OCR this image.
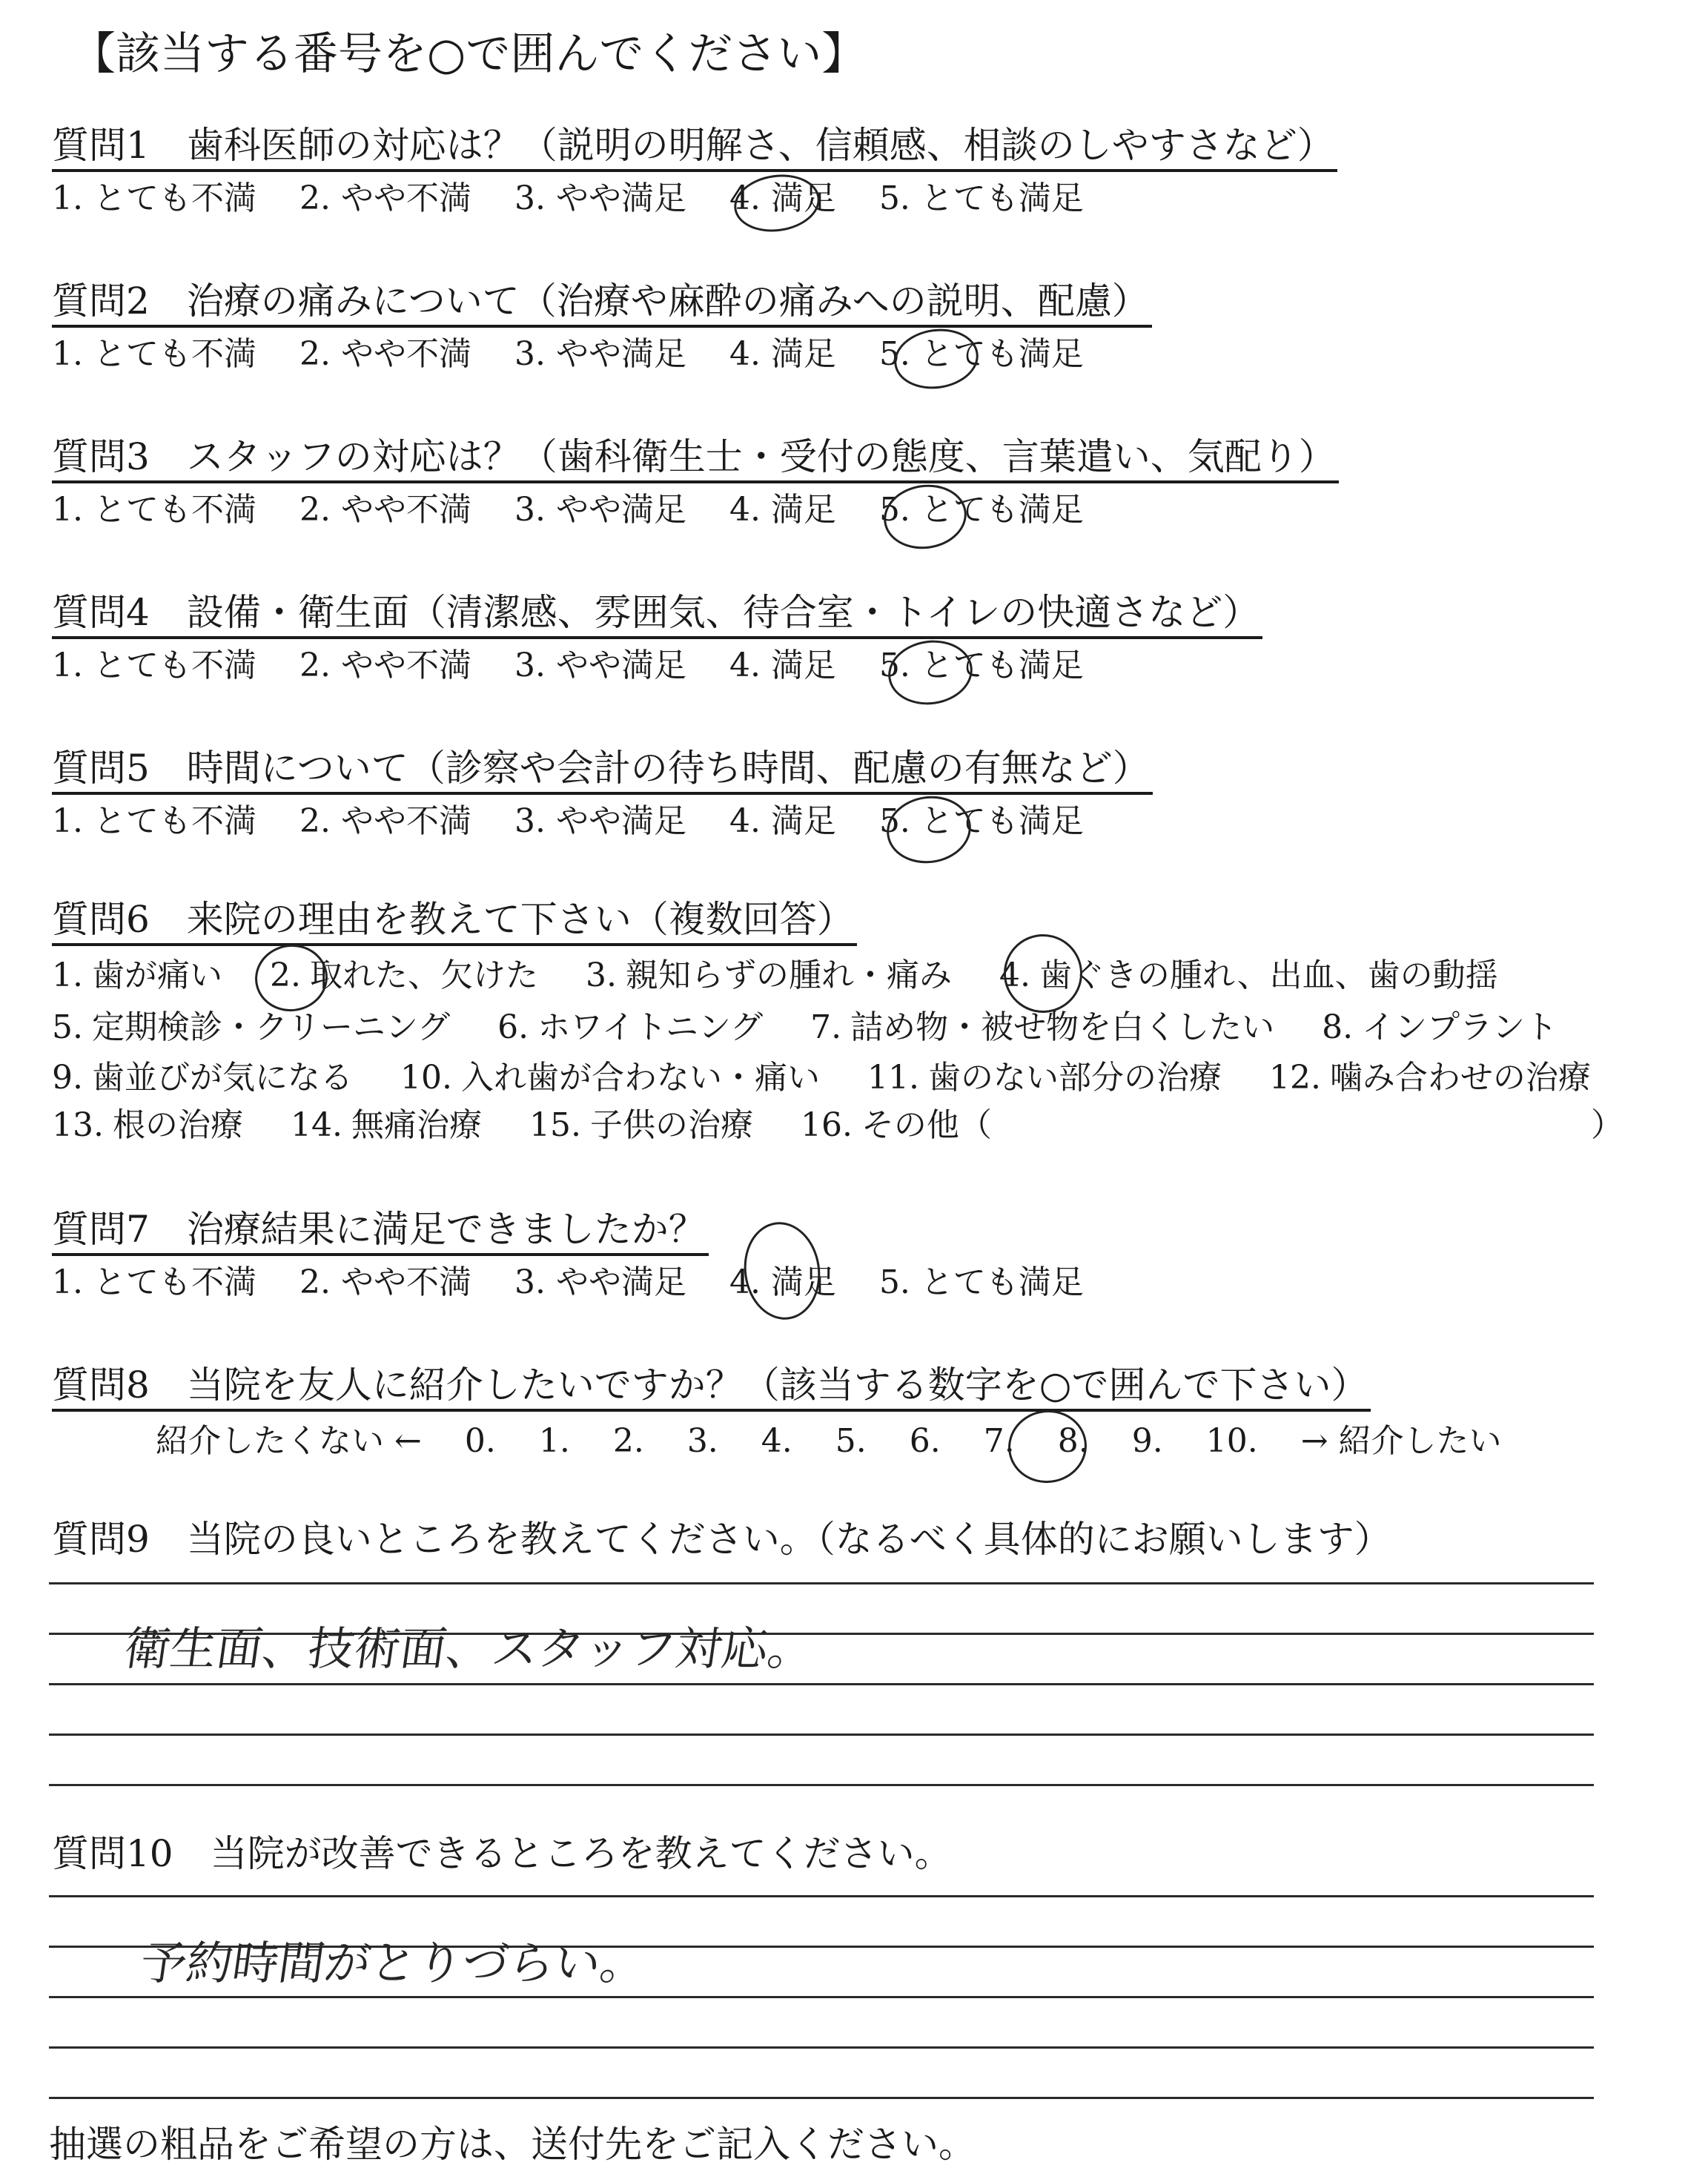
【該当する番号を○で囲んでください】
質問1　歯科医師の対応は？（説明の明解さ、信頼感、相談のしやすさなど）
1. とても不満 2. やや不満 3. やや満足 4. 満足 5. とても満足
質問2　治療の痛みについて（治療や麻酔の痛みへの説明、配慮）
1. とても不満 2. やや不満 3. やや満足 4. 満足 5. とても満足
質問3　スタッフの対応は？（歯科衛生士・受付の態度、言葉遣い、気配り）
1. とても不満 2. やや不満 3. やや満足 4. 満足 5. とても満足
質問4　設備・衛生面（清潔感、雰囲気、待合室・トイレの快適さなど）
1. とても不満 2. やや不満 3. やや満足 4. 満足 5. とても満足
質問5　時間について（診察や会計の待ち時間、配慮の有無など）
1. とても不満 2. やや不満 3. やや満足 4. 満足 5. とても満足
質問6　来院の理由を教えて下さい（複数回答）
1. 歯が痛い 2. 取れた、欠けた 3. 親知らずの腫れ・痛み 4. 歯ぐきの腫れ、出血、歯の動揺
5. 定期検診・クリーニング 6. ホワイトニング 7. 詰め物・被せ物を白くしたい 8. インプラント
9. 歯並びが気になる 10. 入れ歯が合わない・痛い 11. 歯のない部分の治療 12. 噛み合わせの治療
13. 根の治療 14. 無痛治療 15. 子供の治療 16. その他（	）
質問7　治療結果に満足できましたか？
1. とても不満 2. やや不満 3. やや満足 4. 満足 5. とても満足
質問8　当院を友人に紹介したいですか？（該当する数字を○で囲んで下さい）
紹介したくない ← 0. 1. 2. 3. 4. 5. 6. 7. 8. 9. 10. → 紹介したい
質問9　当院の良いところを教えてください。（なるべく具体的にお願いします）
衛生面、技術面、スタッフ対応。
質問10　当院が改善できるところを教えてください。
予約時間がとりづらい。
抽選の粗品をご希望の方は、送付先をご記入ください。
